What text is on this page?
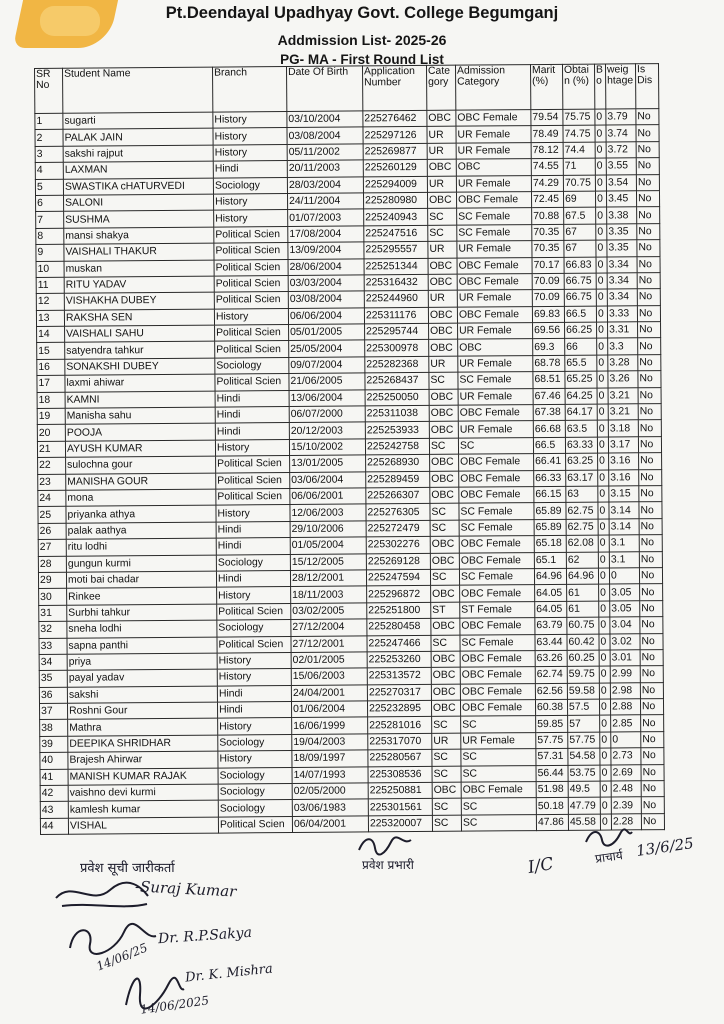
Pt.Deendayal Upadhyay Govt. College Begumganj
Addmission List- 2025-26
PG- MA - First Round List
SR No	Student Name	Branch	Date Of Birth	Application Number	Cate gory	Admission Category	Marit (%)	Obtai n (%)	B o	weig htage	Is Dis
1	sugarti	History	03/10/2004	225276462	OBC	OBC Female	79.54	75.75	0	3.79	No
2	PALAK JAIN	History	03/08/2004	225297126	UR	UR Female	78.49	74.75	0	3.74	No
3	sakshi rajput	History	05/11/2002	225269877	UR	UR Female	78.12	74.4	0	3.72	No
4	LAXMAN	Hindi	20/11/2003	225260129	OBC	OBC	74.55	71	0	3.55	No
5	SWASTIKA cHATURVEDI	Sociology	28/03/2004	225294009	UR	UR Female	74.29	70.75	0	3.54	No
6	SALONI	History	24/11/2004	225280980	OBC	OBC Female	72.45	69	0	3.45	No
7	SUSHMA	History	01/07/2003	225240943	SC	SC Female	70.88	67.5	0	3.38	No
8	mansi shakya	Political Scien	17/08/2004	225247516	SC	SC Female	70.35	67	0	3.35	No
9	VAISHALI THAKUR	Political Scien	13/09/2004	225295557	UR	UR Female	70.35	67	0	3.35	No
10	muskan	Political Scien	28/06/2004	225251344	OBC	OBC Female	70.17	66.83	0	3.34	No
11	RITU YADAV	Political Scien	03/03/2004	225316432	OBC	OBC Female	70.09	66.75	0	3.34	No
12	VISHAKHA DUBEY	Political Scien	03/08/2004	225244960	UR	UR Female	70.09	66.75	0	3.34	No
13	RAKSHA SEN	History	06/06/2004	225311176	OBC	OBC Female	69.83	66.5	0	3.33	No
14	VAISHALI SAHU	Political Scien	05/01/2005	225295744	OBC	UR Female	69.56	66.25	0	3.31	No
15	satyendra tahkur	Political Scien	25/05/2004	225300978	OBC	OBC	69.3	66	0	3.3	No
16	SONAKSHI DUBEY	Sociology	09/07/2004	225282368	UR	UR Female	68.78	65.5	0	3.28	No
17	laxmi ahiwar	Political Scien	21/06/2005	225268437	SC	SC Female	68.51	65.25	0	3.26	No
18	KAMNI	Hindi	13/06/2004	225250050	OBC	UR Female	67.46	64.25	0	3.21	No
19	Manisha sahu	Hindi	06/07/2000	225311038	OBC	OBC Female	67.38	64.17	0	3.21	No
20	POOJA	Hindi	20/12/2003	225253933	OBC	UR Female	66.68	63.5	0	3.18	No
21	AYUSH KUMAR	History	15/10/2002	225242758	SC	SC	66.5	63.33	0	3.17	No
22	sulochna gour	Political Scien	13/01/2005	225268930	OBC	OBC Female	66.41	63.25	0	3.16	No
23	MANISHA GOUR	Political Scien	03/06/2004	225289459	OBC	OBC Female	66.33	63.17	0	3.16	No
24	mona	Political Scien	06/06/2001	225266307	OBC	OBC Female	66.15	63	0	3.15	No
25	priyanka athya	History	12/06/2003	225276305	SC	SC Female	65.89	62.75	0	3.14	No
26	palak aathya	Hindi	29/10/2006	225272479	SC	SC Female	65.89	62.75	0	3.14	No
27	ritu lodhi	Hindi	01/05/2004	225302276	OBC	OBC Female	65.18	62.08	0	3.1	No
28	gungun kurmi	Sociology	15/12/2005	225269128	OBC	OBC Female	65.1	62	0	3.1	No
29	moti bai chadar	Hindi	28/12/2001	225247594	SC	SC Female	64.96	64.96	0	0	No
30	Rinkee	History	18/11/2003	225296872	OBC	OBC Female	64.05	61	0	3.05	No
31	Surbhi tahkur	Political Scien	03/02/2005	225251800	ST	ST Female	64.05	61	0	3.05	No
32	sneha lodhi	Sociology	27/12/2004	225280458	OBC	OBC Female	63.79	60.75	0	3.04	No
33	sapna panthi	Political Scien	27/12/2001	225247466	SC	SC Female	63.44	60.42	0	3.02	No
34	priya	History	02/01/2005	225253260	OBC	OBC Female	63.26	60.25	0	3.01	No
35	payal yadav	History	15/06/2003	225313572	OBC	OBC Female	62.74	59.75	0	2.99	No
36	sakshi	Hindi	24/04/2001	225270317	OBC	OBC Female	62.56	59.58	0	2.98	No
37	Roshni Gour	Hindi	01/06/2004	225232895	OBC	OBC Female	60.38	57.5	0	2.88	No
38	Mathra	History	16/06/1999	225281016	SC	SC	59.85	57	0	2.85	No
39	DEEPIKA SHRIDHAR	Sociology	19/04/2003	225317070	UR	UR Female	57.75	57.75	0	0	No
40	Brajesh Ahirwar	History	18/09/1997	225280567	SC	SC	57.31	54.58	0	2.73	No
41	MANISH KUMAR RAJAK	Sociology	14/07/1993	225308536	SC	SC	56.44	53.75	0	2.69	No
42	vaishno devi kurmi	Sociology	02/05/2000	225250881	OBC	OBC Female	51.98	49.5	0	2.48	No
43	kamlesh kumar	Sociology	03/06/1983	225301561	SC	SC	50.18	47.79	0	2.39	No
44	VISHAL	Political Scien	06/04/2001	225320007	SC	SC	47.86	45.58	0	2.28	No
प्रवेश सूची जारीकर्ता
-Suraj Kumar
Dr. R.P.Sakya
14/06/25	Dr. K. Mishra
14/06/2025
प्रवेश प्रभारी	I/C	प्राचार्य 13/6/25
